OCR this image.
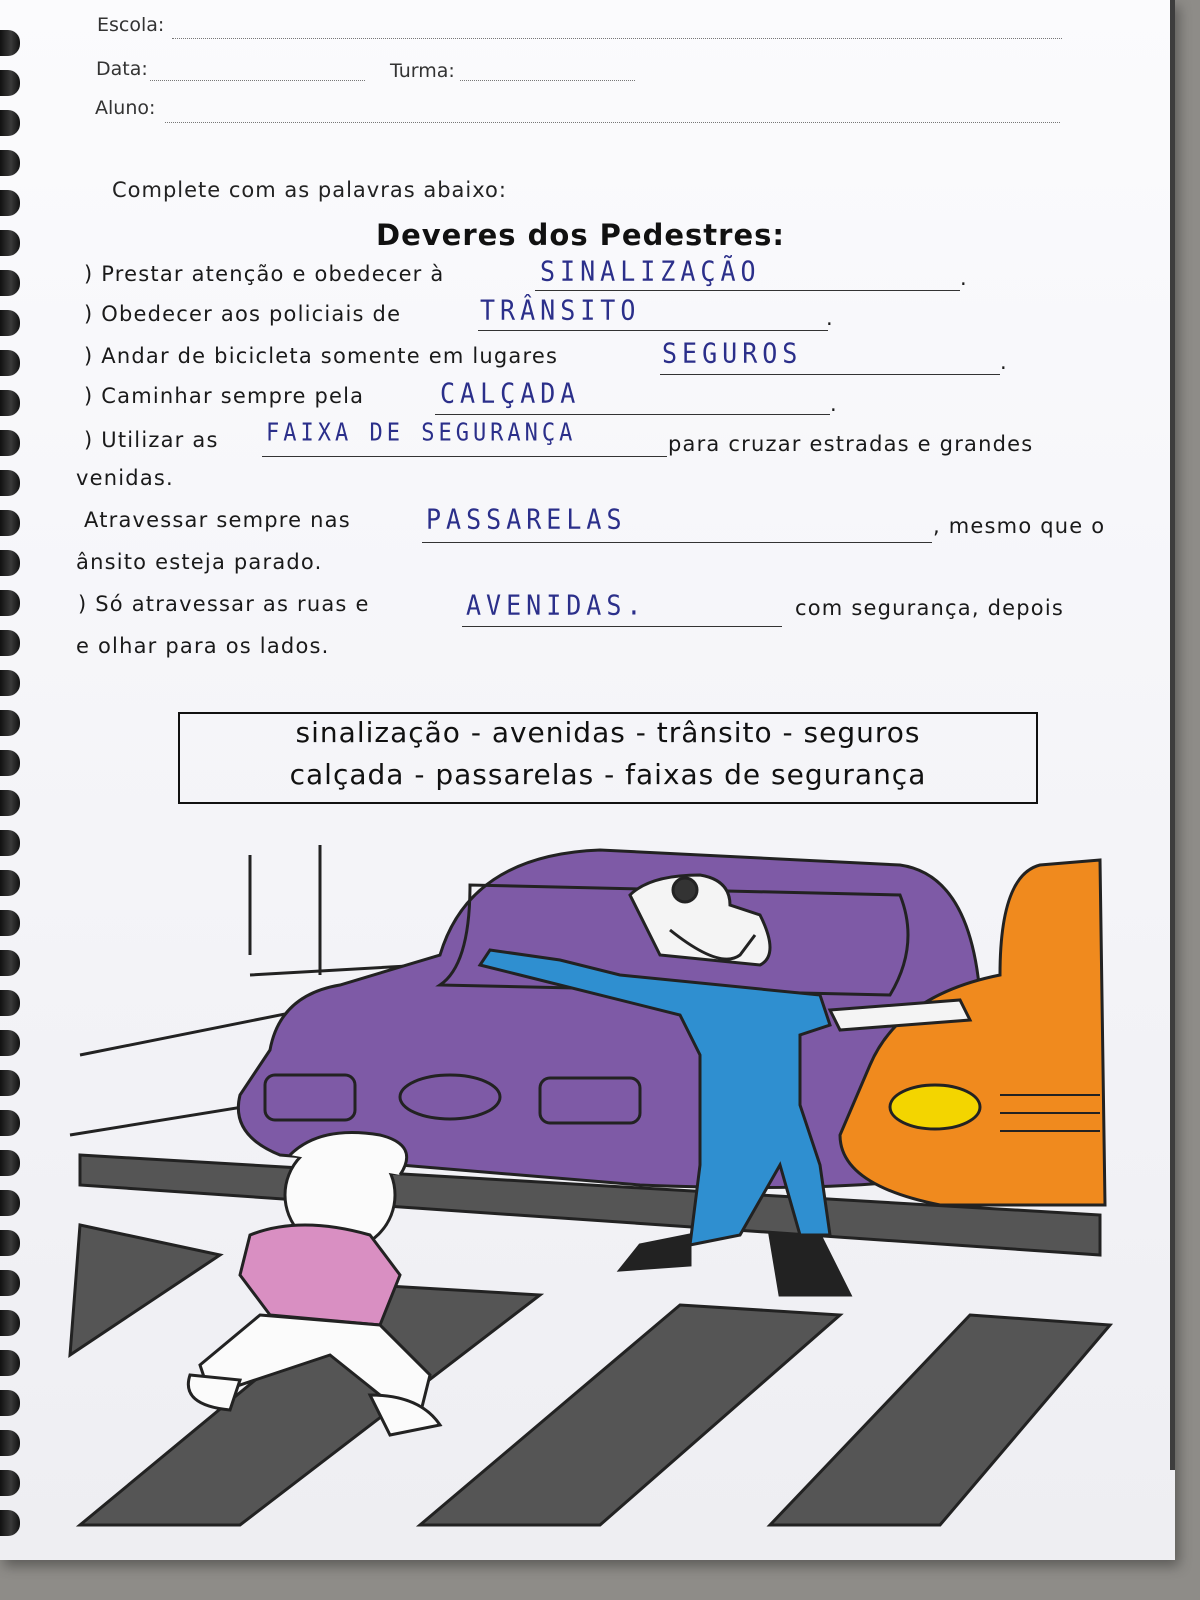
Escola:
Data:	Turma:
Aluno:
Complete com as palavras abaixo:
Deveres dos Pedestres:
) Prestar atenção e obedecer à	SINALIZAÇÃO	.
) Obedecer aos policiais de	TRÂNSITO	.
) Andar de bicicleta somente em lugares	SEGUROS	.
) Caminhar sempre pela	CALÇADA	.
) Utilizar as FAIXA DE SEGURANÇA	para cruzar estradas e grandes
venidas.
Atravessar sempre nas	PASSARELAS	, mesmo que o
ânsito esteja parado.
) Só atravessar as ruas e	AVENIDAS.	com segurança, depois
e olhar para os lados.
sinalização - avenidas - trânsito - seguros
calçada - passarelas - faixas de segurança
